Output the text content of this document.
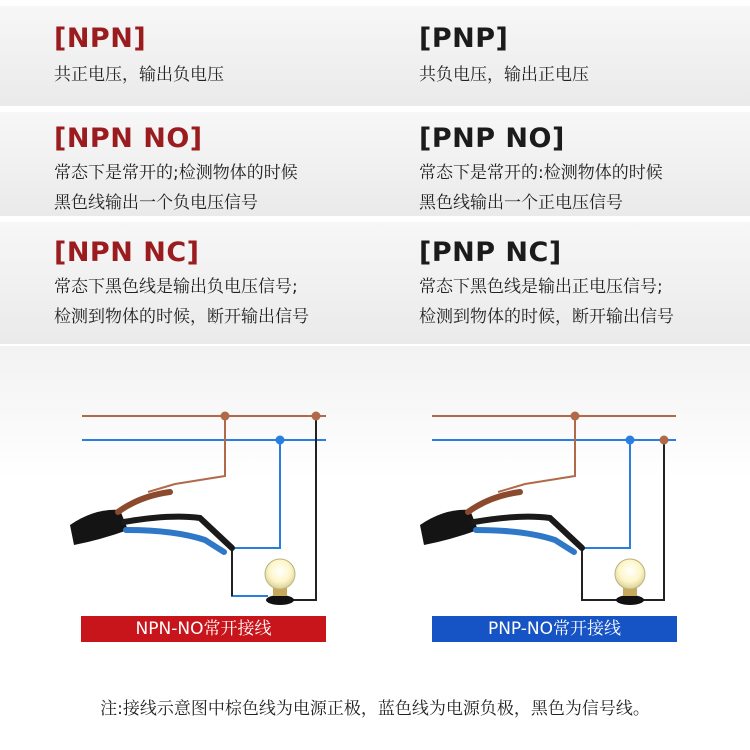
[NPN]

共正电压，输出负电压

[PNP]

共负电压，输出正电压

[NPN NO]

常态下是常开的;检测物体的时候

黑色线输出一个负电压信号

[PNP NO]

常态下是常开的:检测物体的时候

黑色线输出一个正电压信号

[NPN NC]

常态下黑色线是输出负电压信号;

检测到物体的时候，断开输出信号

[PNP NC]

常态下黑色线是输出正电压信号;

检测到物体的时候，断开输出信号

NPN-NO常开接线	PNP-NO常开接线
注:接线示意图中棕色线为电源正极，蓝色线为电源负极，黑色为信号线。
